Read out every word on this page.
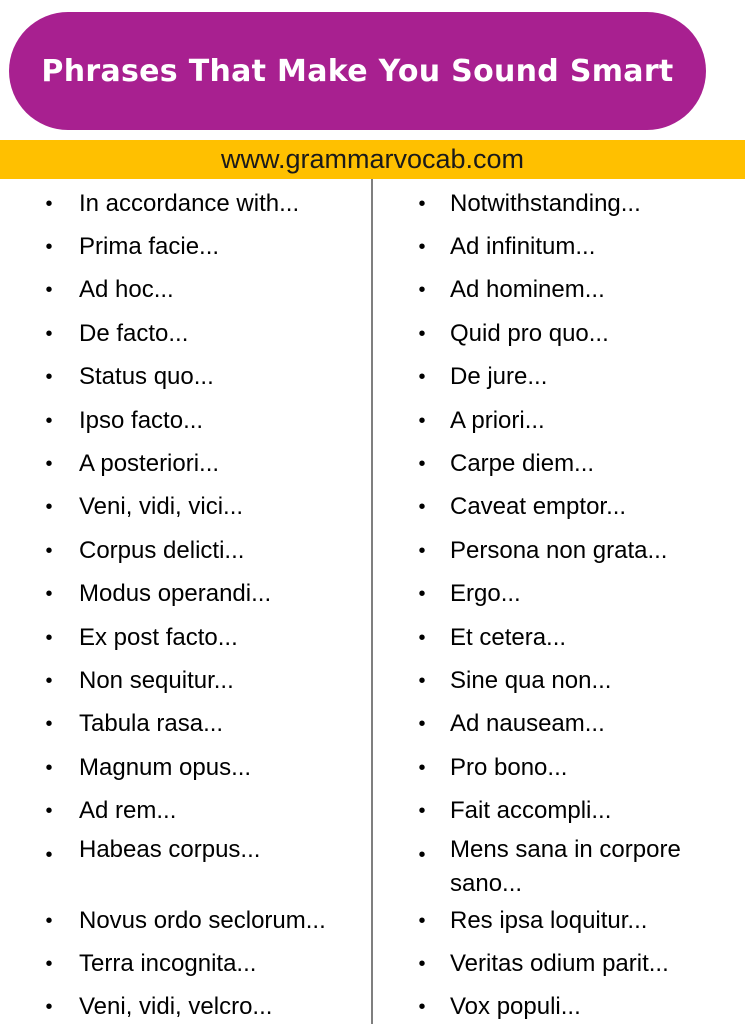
Phrases That Make You Sound Smart
www.grammarvocab.com
• In accordance with...
• Prima facie...
• Ad hoc...
• De facto...
• Status quo...
• Ipso facto...
• A posteriori...
• Veni, vidi, vici...
• Corpus delicti...
• Modus operandi...
• Ex post facto...
• Non sequitur...
• Tabula rasa...
• Magnum opus...
• Ad rem...
• Habeas corpus...
• Novus ordo seclorum...
• Terra incognita...
• Veni, vidi, velcro...
• Notwithstanding...
• Ad infinitum...
• Ad hominem...
• Quid pro quo...
• De jure...
• A priori...
• Carpe diem...
• Caveat emptor...
• Persona non grata...
• Ergo...
• Et cetera...
• Sine qua non...
• Ad nauseam...
• Pro bono...
• Fait accompli...
• Mens sana in corpore sano...
• Res ipsa loquitur...
• Veritas odium parit...
• Vox populi...
